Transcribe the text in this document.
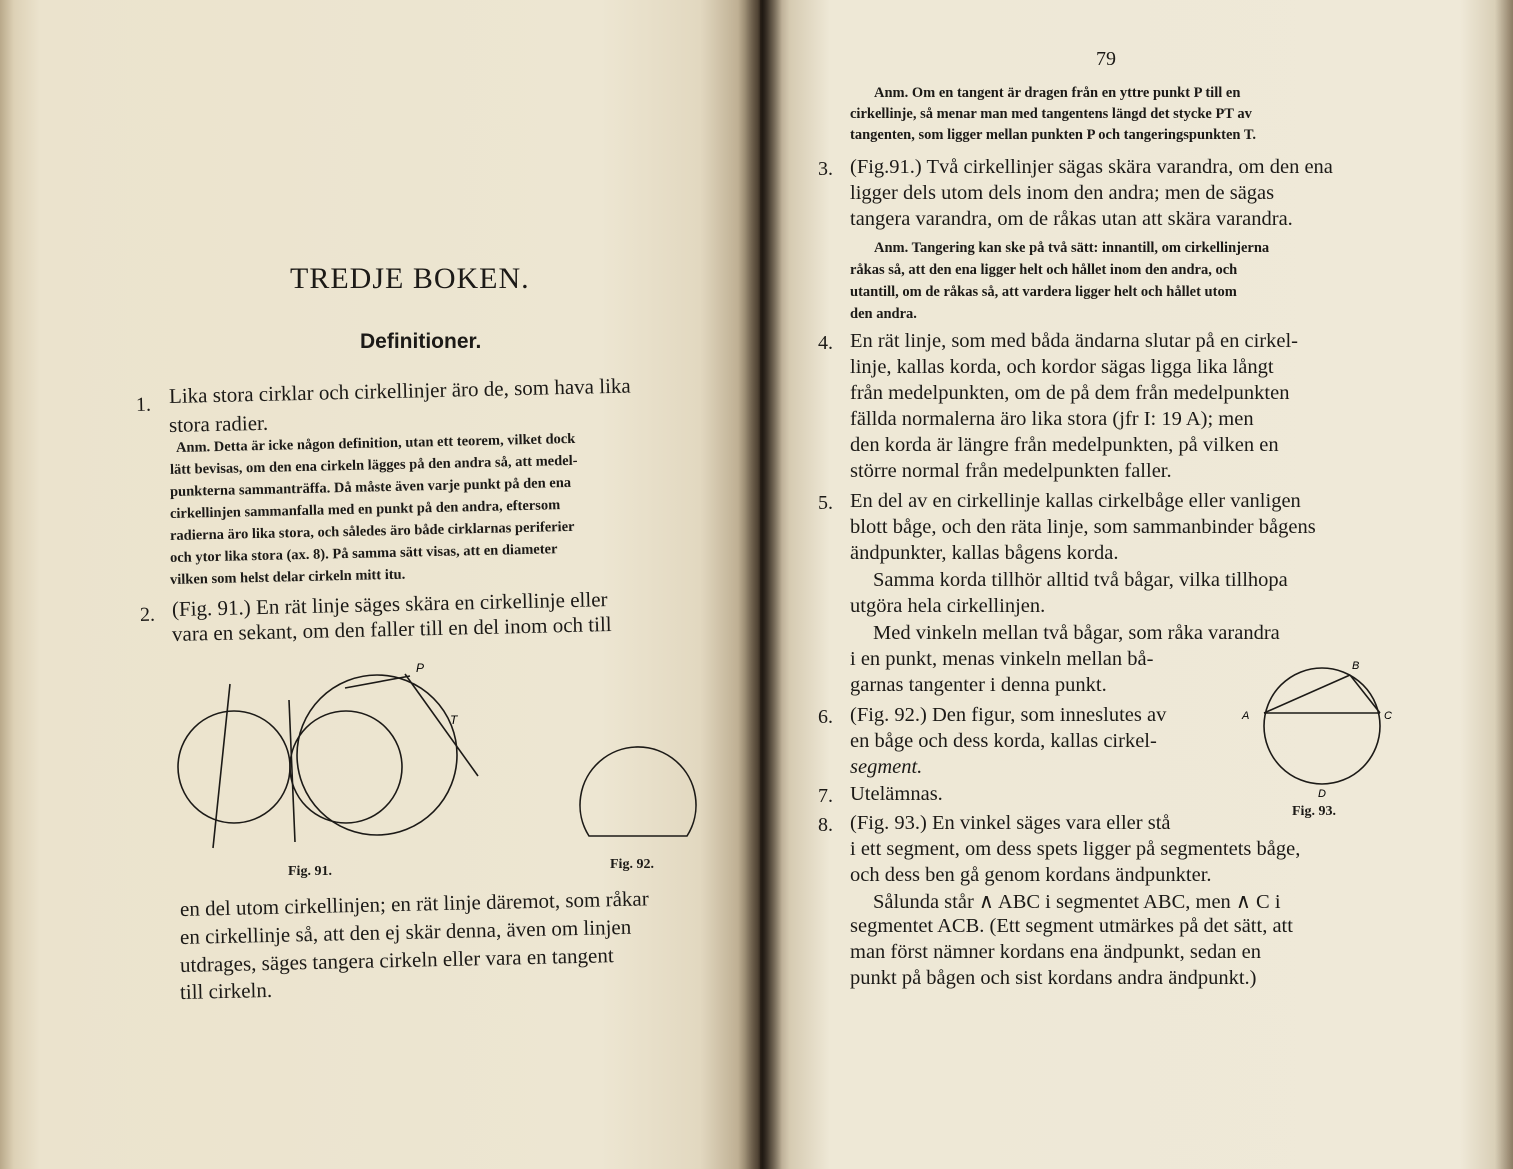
TREDJE BOKEN.
Definitioner.
1. Lika stora cirklar och cirkellinjer äro de, som hava lika

stora radier.

Anm. Detta är icke någon definition, utan ett teorem, vilket dock

lätt bevisas, om den ena cirkeln lägges på den andra så, att medel-

punkterna sammanträffa. Då måste även varje punkt på den ena

cirkellinjen sammanfalla med en punkt på den andra, eftersom

radierna äro lika stora, och således äro både cirklarnas periferier

och ytor lika stora (ax. 8). På samma sätt visas, att en diameter

vilken som helst delar cirkeln mitt itu.

2. (Fig. 91.) En rät linje säges skära en cirkellinje eller

vara en sekant, om den faller till en del inom och till

P
T
Fig. 91.	Fig. 92.

en del utom cirkellinjen; en rät linje däremot, som råkar

en cirkellinje så, att den ej skär denna, även om linjen

utdrages, säges tangera cirkeln eller vara en tangent

till cirkeln.

79

Anm. Om en tangent är dragen från en yttre punkt P till en

cirkellinje, så menar man med tangentens längd det stycke PT av

tangenten, som ligger mellan punkten P och tangeringspunkten T.

3. (Fig.91.) Två cirkellinjer sägas skära varandra, om den ena

ligger dels utom dels inom den andra; men de sägas

tangera varandra, om de råkas utan att skära varandra.

Anm. Tangering kan ske på två sätt: innantill, om cirkellinjerna

råkas så, att den ena ligger helt och hållet inom den andra, och

utantill, om de råkas så, att vardera ligger helt och hållet utom

den andra.

4. En rät linje, som med båda ändarna slutar på en cirkel-

linje, kallas korda, och kordor sägas ligga lika långt

från medelpunkten, om de på dem från medelpunkten

fällda normalerna äro lika stora (jfr I: 19 A); men

den korda är längre från medelpunkten, på vilken en

större normal från medelpunkten faller.

5. En del av en cirkellinje kallas cirkelbåge eller vanligen

blott båge, och den räta linje, som sammanbinder bågens

ändpunkter, kallas bågens korda.

Samma korda tillhör alltid två bågar, vilka tillhopa

utgöra hela cirkellinjen.

Med vinkeln mellan två bågar, som råka varandra

i en punkt, menas vinkeln mellan bå-

garnas tangenter i denna punkt.

6. (Fig. 92.) Den figur, som inneslutes av

en båge och dess korda, kallas cirkel-

segment.

7. Utelämnas.

8. (Fig. 93.) En vinkel säges vara eller stå

i ett segment, om dess spets ligger på segmentets båge,

och dess ben gå genom kordans ändpunkter.

Sålunda står ∧ ABC i segmentet ABC, men ∧ C i

segmentet ACB. (Ett segment utmärkes på det sätt, att

man först nämner kordans ena ändpunkt, sedan en

punkt på bågen och sist kordans andra ändpunkt.)

A
B
C
D
Fig. 93.
